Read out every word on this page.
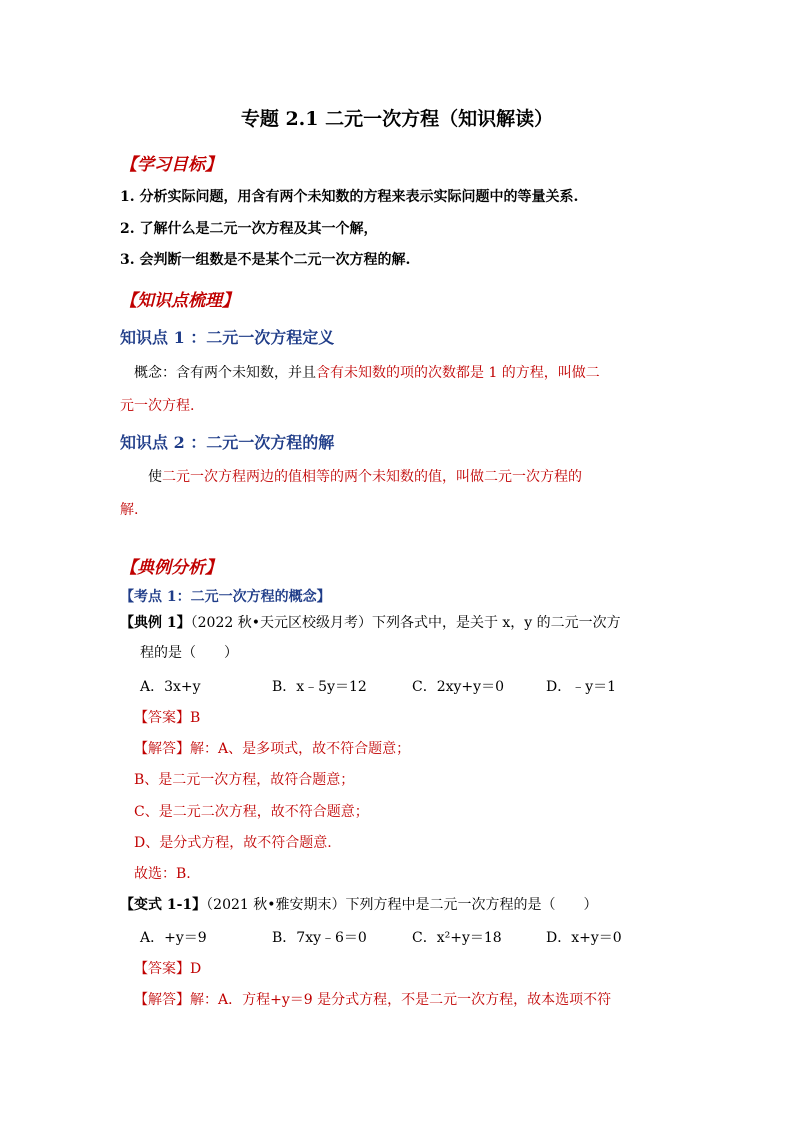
专题 2.1 二元一次方程（知识解读）
【学习目标】
1. 分析实际问题，用含有两个未知数的方程来表示实际问题中的等量关系.
2. 了解什么是二元一次方程及其一个解，
3. 会判断一组数是不是某个二元一次方程的解.
【知识点梳理】
知识点 1 ：二元一次方程定义
概念：含有两个未知数，并且含有未知数的项的次数都是 1 的方程，叫做二
元一次方程.
知识点 2 ：二元一次方程的解
使二元一次方程两边的值相等的两个未知数的值，叫做二元一次方程的
解.
【典例分析】
【考点 1：二元一次方程的概念】
【典例 1】（2022 秋•天元区校级月考）下列各式中，是关于 x，y 的二元一次方
程的是（　　）
A．3x+y	B．x﹣5y＝12	C．2xy+y＝0	D．﹣y＝1
【答案】B
【解答】解：A、是多项式，故不符合题意；
B、是二元一次方程，故符合题意；
C、是二元二次方程，故不符合题意；
D、是分式方程，故不符合题意.
故选：B.
【变式 1-1】（2021 秋•雅安期末）下列方程中是二元一次方程的是（　　）
A．+y＝9	B．7xy﹣6＝0	C．x²+y＝18	D．x+y＝0
【答案】D
【解答】解：A．方程+y＝9 是分式方程，不是二元一次方程，故本选项不符
